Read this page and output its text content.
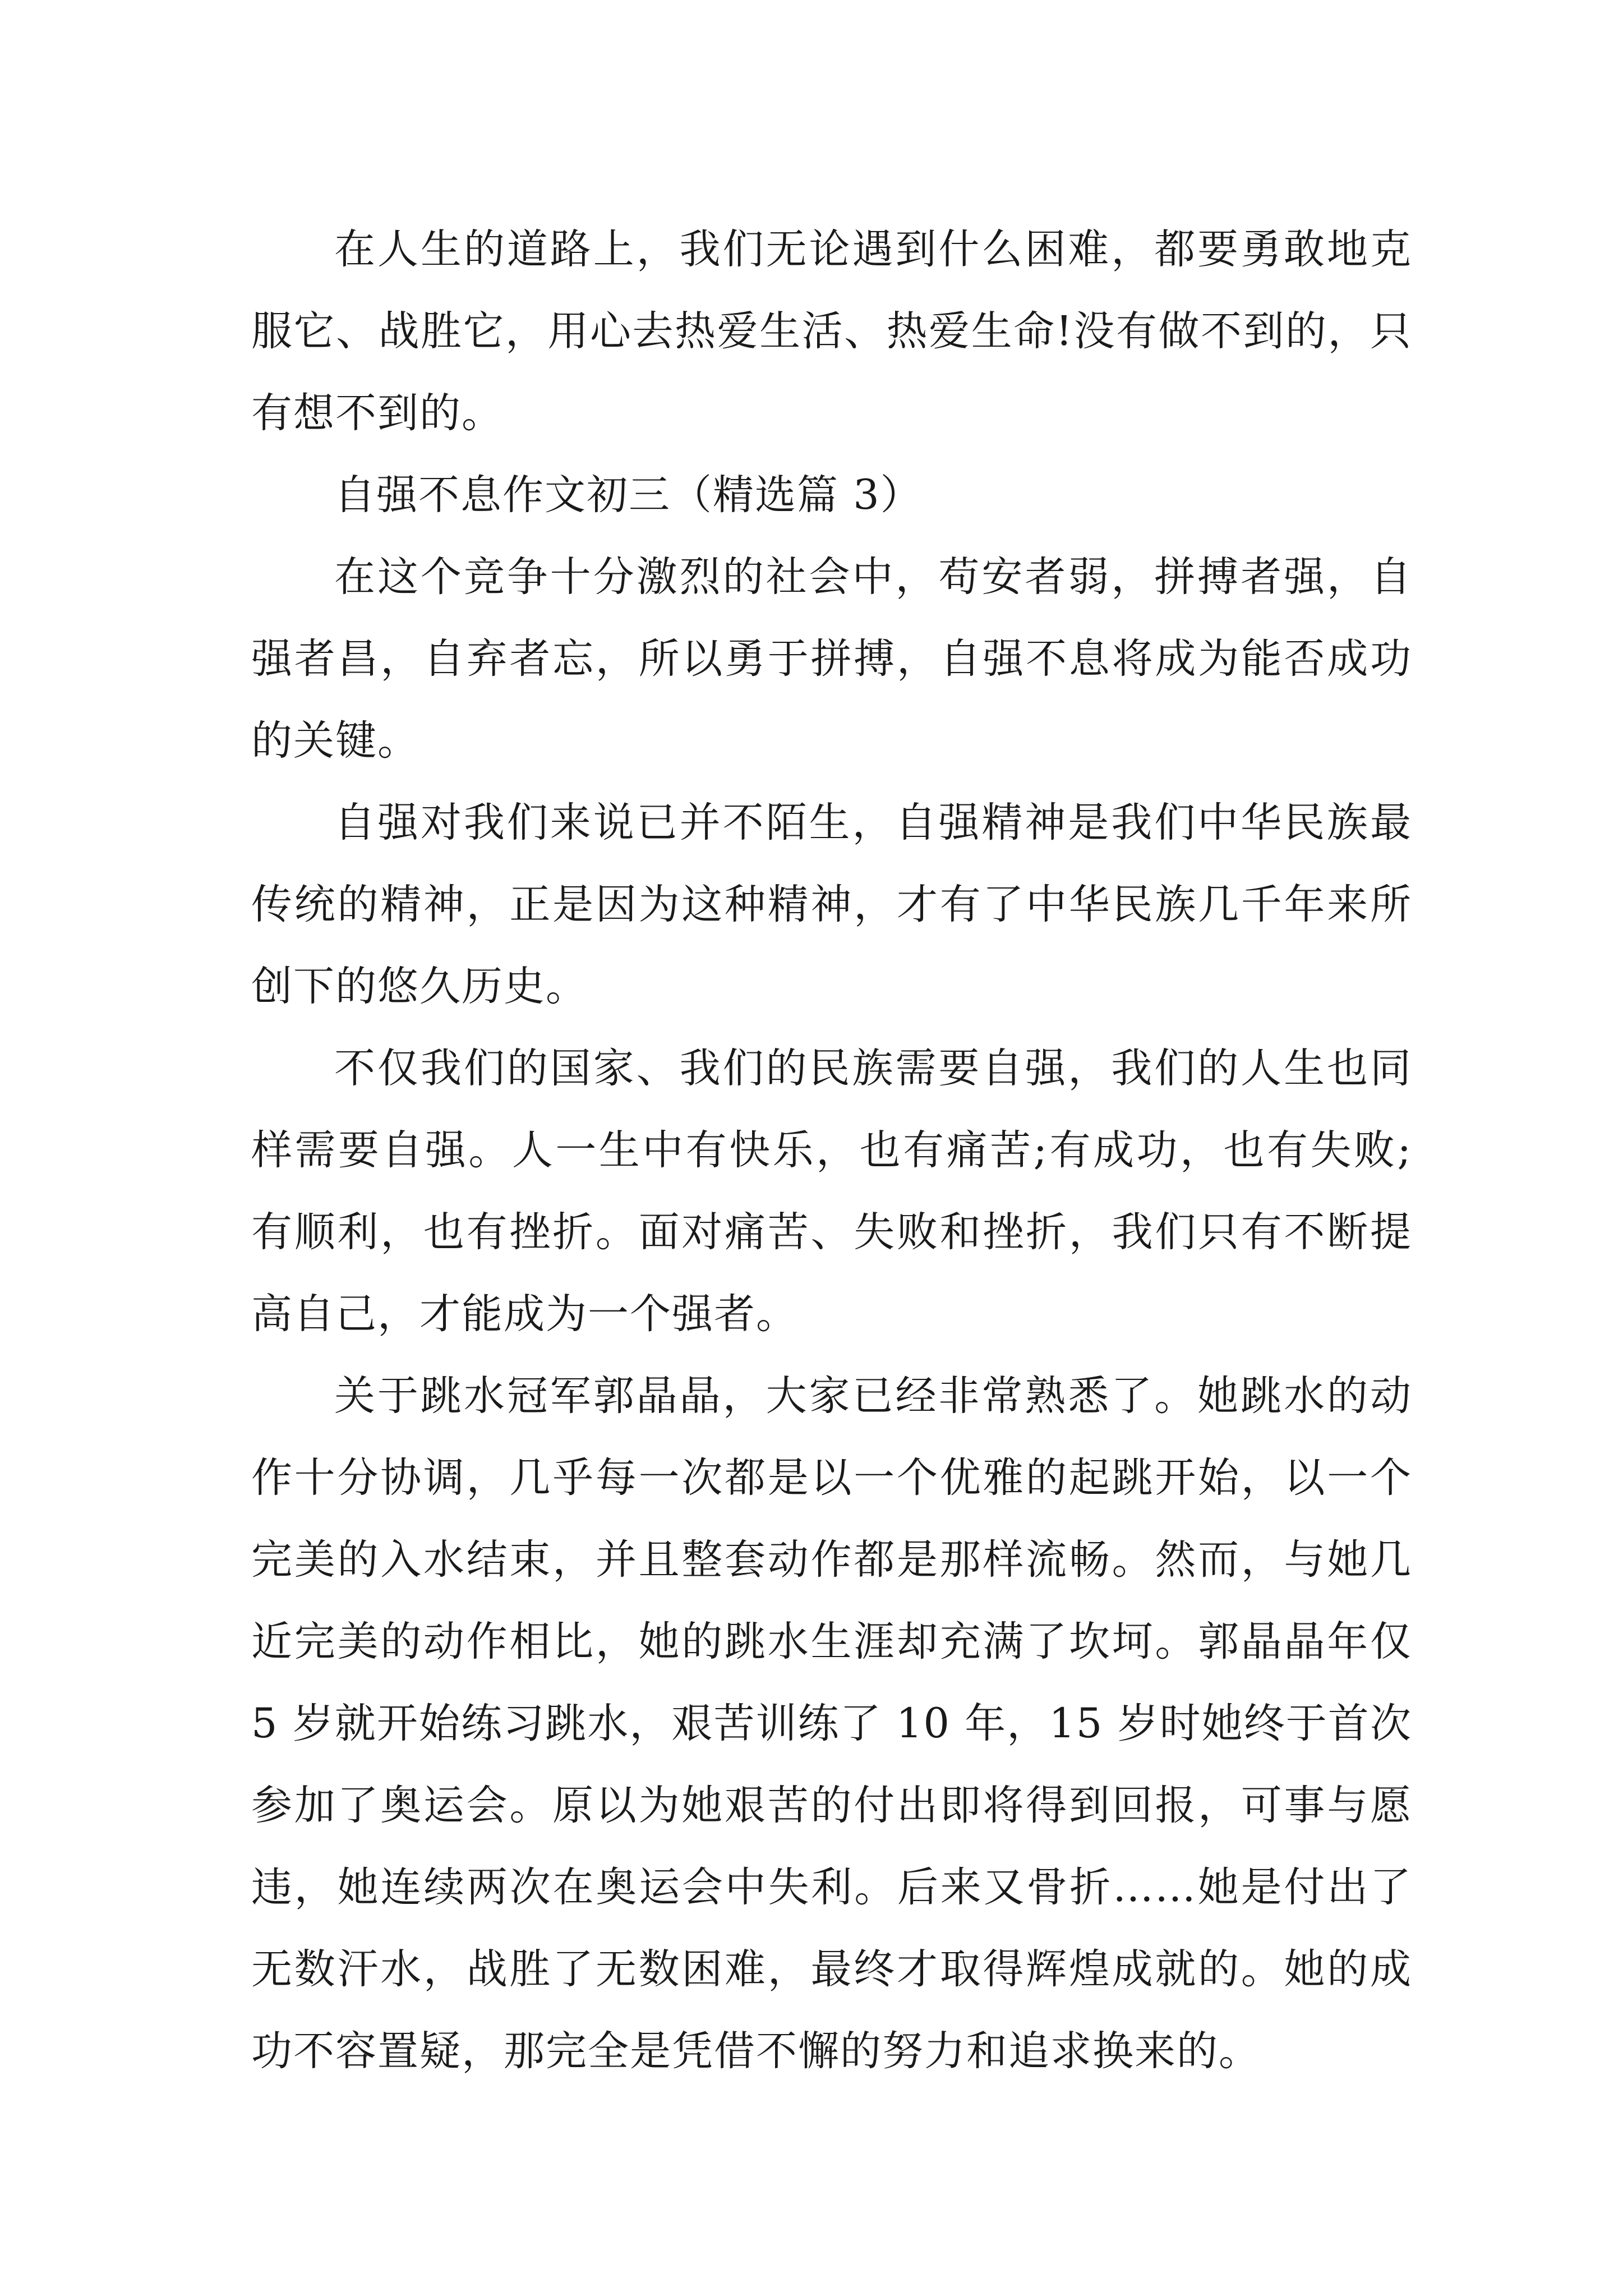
在人生的道路上，我们无论遇到什么困难，都要勇敢地克服它、战胜它，用心去热爱生活、热爱生命!没有做不到的，只有想不到的。

自强不息作文初三（精选篇 3）

在这个竞争十分激烈的社会中，苟安者弱，拼搏者强，自强者昌，自弃者忘，所以勇于拼搏，自强不息将成为能否成功的关键。

自强对我们来说已并不陌生，自强精神是我们中华民族最传统的精神，正是因为这种精神，才有了中华民族几千年来所创下的悠久历史。

不仅我们的国家、我们的民族需要自强，我们的人生也同样需要自强。人一生中有快乐，也有痛苦;有成功，也有失败;有顺利，也有挫折。面对痛苦、失败和挫折，我们只有不断提高自己，才能成为一个强者。

关于跳水冠军郭晶晶，大家已经非常熟悉了。她跳水的动作十分协调，几乎每一次都是以一个优雅的起跳开始，以一个完美的入水结束，并且整套动作都是那样流畅。然而，与她几近完美的动作相比，她的跳水生涯却充满了坎坷。郭晶晶年仅 5 岁就开始练习跳水，艰苦训练了 10 年，15 岁时她终于首次参加了奥运会。原以为她艰苦的付出即将得到回报，可事与愿违，她连续两次在奥运会中失利。后来又骨折……她是付出了无数汗水，战胜了无数困难，最终才取得辉煌成就的。她的成功不容置疑，那完全是凭借不懈的努力和追求换来的。
